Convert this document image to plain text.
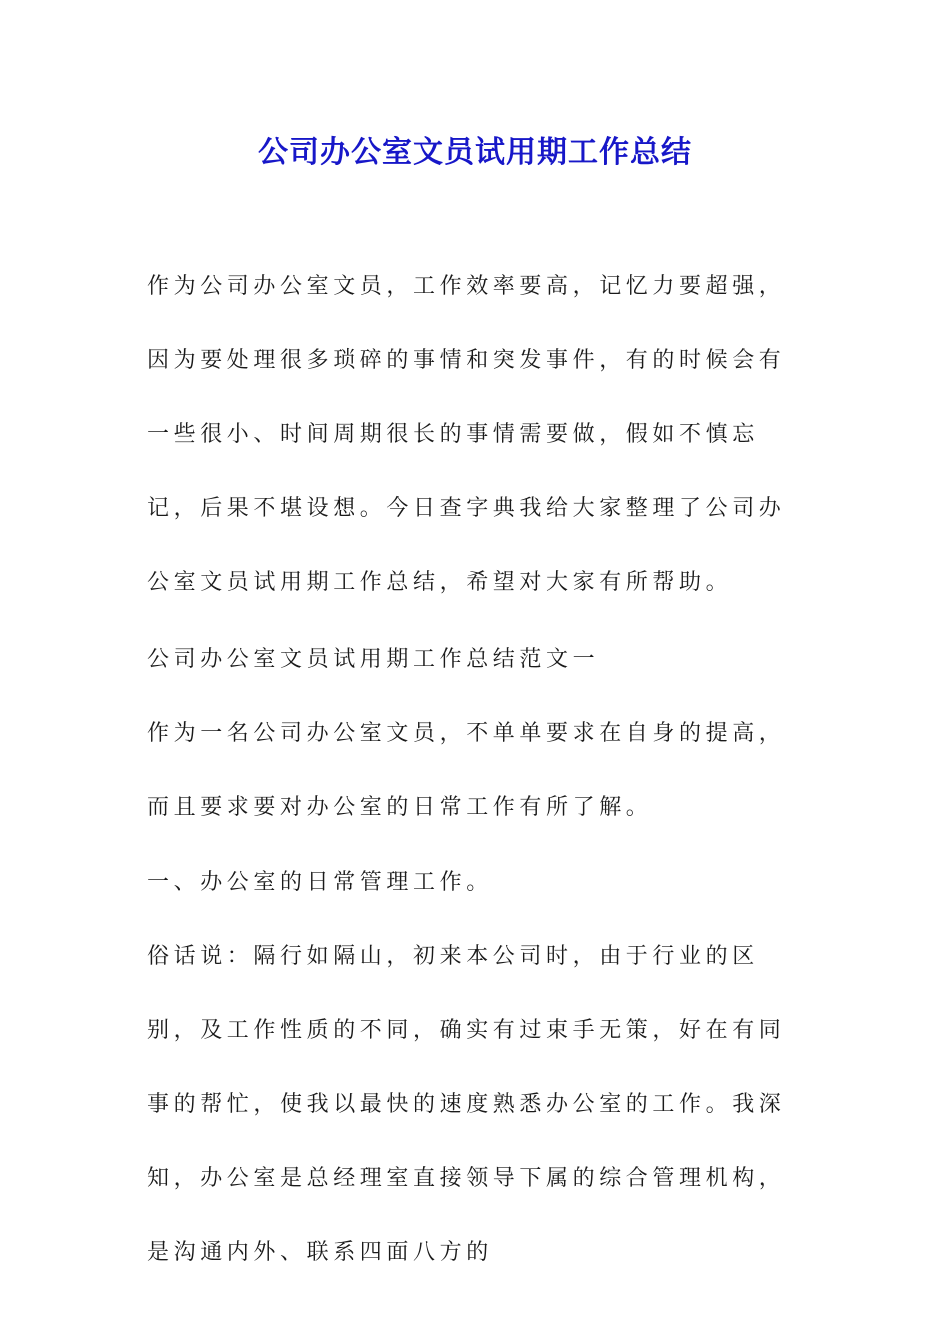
公司办公室文员试用期工作总结

作为公司办公室文员，工作效率要高，记忆力要超强，因为要处理很多琐碎的事情和突发事件，有的时候会有一些很小、时间周期很长的事情需要做，假如不慎忘记，后果不堪设想。今日查字典我给大家整理了公司办公室文员试用期工作总结，希望对大家有所帮助。

公司办公室文员试用期工作总结范文一

作为一名公司办公室文员，不单单要求在自身的提高，而且要求要对办公室的日常工作有所了解。

一、办公室的日常管理工作。

俗话说：隔行如隔山，初来本公司时，由于行业的区别，及工作性质的不同，确实有过束手无策，好在有同事的帮忙，使我以最快的速度熟悉办公室的工作。我深知，办公室是总经理室直接领导下属的综合管理机构，是沟通内外、联系四面八方的
